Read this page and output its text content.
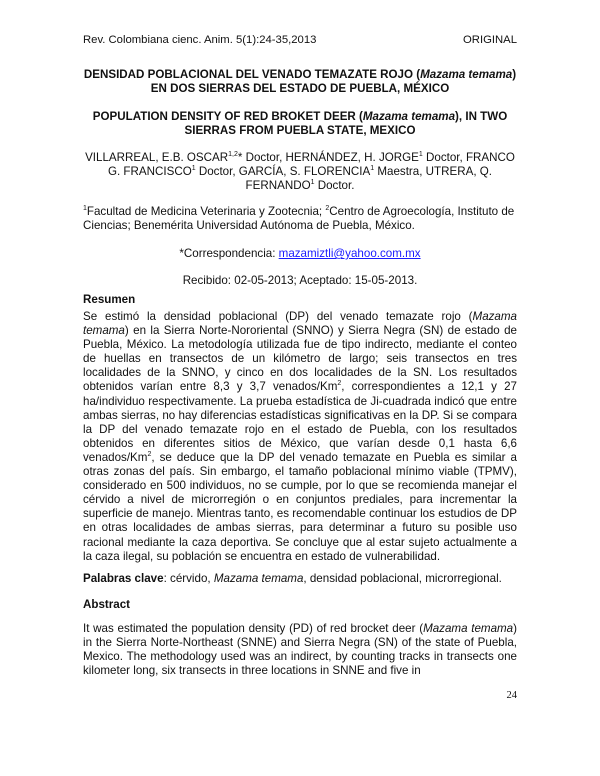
Rev. Colombiana cienc. Anim. 5(1):24-35,2013	ORIGINAL
DENSIDAD POBLACIONAL DEL VENADO TEMAZATE ROJO (Mazama temama) EN DOS SIERRAS DEL ESTADO DE PUEBLA, MÉXICO
POPULATION DENSITY OF RED BROKET DEER (Mazama temama), IN TWO SIERRAS FROM PUEBLA STATE, MEXICO
VILLARREAL, E.B. OSCAR$^{1,2}$* Doctor, HERNÁNDEZ, H. JORGE$^1$ Doctor, FRANCO G. FRANCISCO$^1$ Doctor, GARCÍA, S. FLORENCIA$^1$ Maestra, UTRERA, Q. FERNANDO$^1$ Doctor.
$^1$Facultad de Medicina Veterinaria y Zootecnia; $^2$Centro de Agroecología, Instituto de Ciencias; Benemérita Universidad Autónoma de Puebla, México.
*Correspondencia: mazamiztli@yahoo.com.mx
Recibido: 02-05-2013; Aceptado: 15-05-2013.
Resumen
Se estimó la densidad poblacional (DP) del venado temazate rojo (Mazama temama) en la Sierra Norte-Nororiental (SNNO) y Sierra Negra (SN) de estado de Puebla, México. La metodología utilizada fue de tipo indirecto, mediante el conteo de huellas en transectos de un kilómetro de largo; seis transectos en tres localidades de la SNNO, y cinco en dos localidades de la SN. Los resultados obtenidos varían entre 8,3 y 3,7 venados/Km$^2$, correspondientes a 12,1 y 27 ha/individuo respectivamente. La prueba estadística de Ji-cuadrada indicó que entre ambas sierras, no hay diferencias estadísticas significativas en la DP. Si se compara la DP del venado temazate rojo en el estado de Puebla, con los resultados obtenidos en diferentes sitios de México, que varían desde 0,1 hasta 6,6 venados/Km$^2$, se deduce que la DP del venado temazate en Puebla es similar a otras zonas del país. Sin embargo, el tamaño poblacional mínimo viable (TPMV), considerado en 500 individuos, no se cumple, por lo que se recomienda manejar el cérvido a nivel de microrregión o en conjuntos prediales, para incrementar la superficie de manejo. Mientras tanto, es recomendable continuar los estudios de DP en otras localidades de ambas sierras, para determinar a futuro su posible uso racional mediante la caza deportiva. Se concluye que al estar sujeto actualmente a la caza ilegal, su población se encuentra en estado de vulnerabilidad.
Palabras clave: cérvido, Mazama temama, densidad poblacional, microrregional.
Abstract
It was estimated the population density (PD) of red brocket deer (Mazama temama) in the Sierra Norte-Northeast (SNNE) and Sierra Negra (SN) of the state of Puebla, Mexico. The methodology used was an indirect, by counting tracks in transects one kilometer long, six transects in three locations in SNNE and five in
24
